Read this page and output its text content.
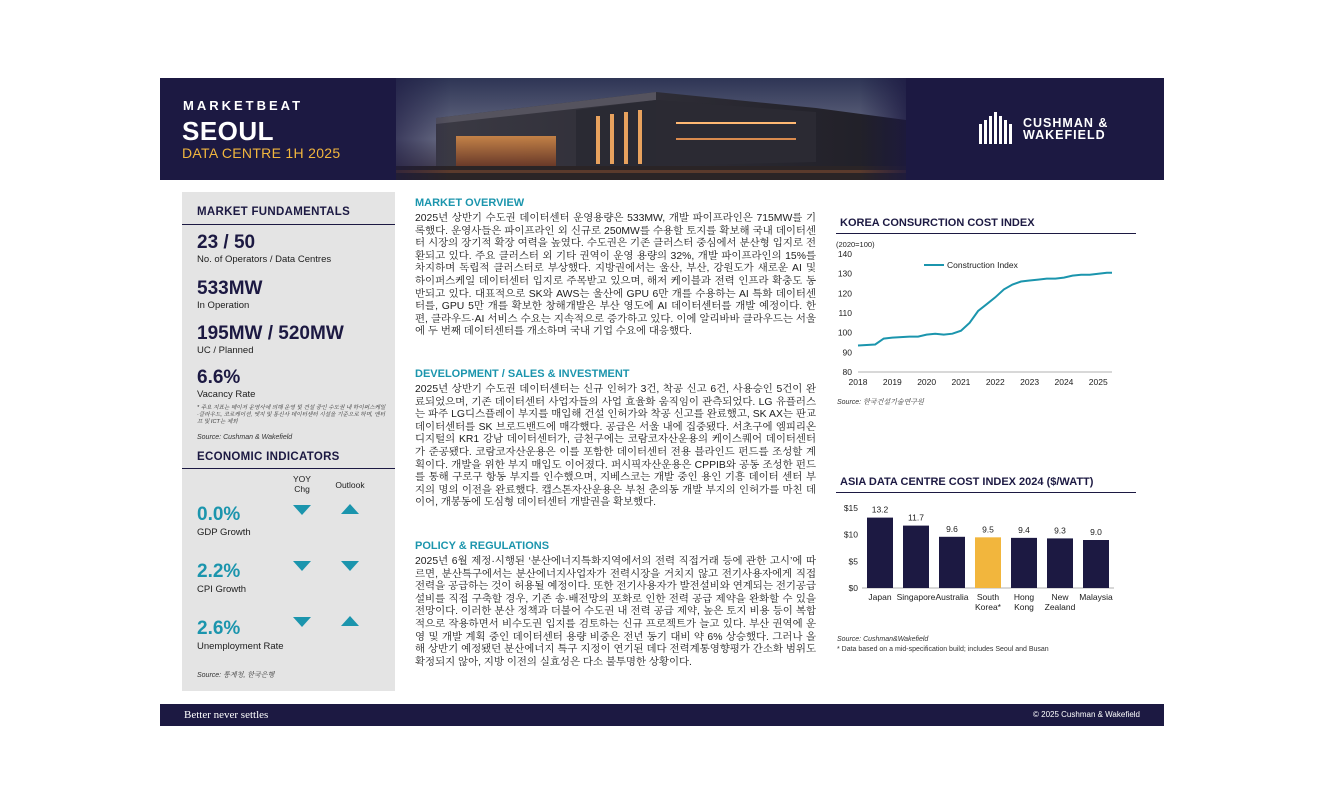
MARKETBEAT
SEOUL
DATA CENTRE 1H 2025
CUSHMAN &
WAKEFIELD
MARKET FUNDAMENTALS
23 / 50
No. of Operators / Data Centres
533MW
In Operation
195MW / 520MW
UC / Planned
6.6%
Vacancy Rate
* 주요 지표는 메이저 운영사에 의해 운영 및 건설 중인 수도권 내 하이퍼스케일·클라우드, 코로케이션, 엣지 및 통신사 데이터센터 시설을 기준으로 하며, 엔터프 및 ICT는 제외
Source: Cushman & Wakefield
ECONOMIC INDICATORS
YOY
Chg	Outlook
0.0%
GDP Growth
2.2%
CPI Growth
2.6%
Unemployment Rate
Source: 통계청, 한국은행
MARKET OVERVIEW
2025년 상반기 수도권 데이터센터 운영용량은 533MW, 개발 파이프라인은 715MW를 기록했다. 운영사들은 파이프라인 외 신규로 250MW를 수용할 토지를 확보해 국내 데이터센터 시장의 장기적 확장 여력을 높였다. 수도권은 기존 클러스터 중심에서 분산형 입지로 전환되고 있다. 주요 클러스터 외 기타 권역이 운영 용량의 32%, 개발 파이프라인의 15%를 차지하며 독립적 클러스터로 부상했다. 지방권에서는 울산, 부산, 강원도가 새로운 AI 및 하이퍼스케일 데이터센터 입지로 주목받고 있으며, 해저 케이블과 전력 인프라 확충도 동반되고 있다. 대표적으로 SK와 AWS는 울산에 GPU 6만 개를 수용하는 AI 특화 데이터센터를, GPU 5만 개를 확보한 창해개발은 부산 영도에 AI 데이터센터를 개발 예정이다. 한편, 클라우드·AI 서비스 수요는 지속적으로 증가하고 있다. 이에 알리바바 클라우드는 서울에 두 번째 데이터센터를 개소하며 국내 기업 수요에 대응했다.
DEVELOPMENT / SALES & INVESTMENT
2025년 상반기 수도권 데이터센터는 신규 인허가 3건, 착공 신고 6건, 사용승인 5건이 완료되었으며, 기존 데이터센터 사업자들의 사업 효율화 움직임이 관측되었다. LG 유플러스는 파주 LG디스플레이 부지를 매입해 건설 인허가와 착공 신고를 완료했고, SK AX는 판교 데이터센터를 SK 브로드밴드에 매각했다. 공급은 서울 내에 집중됐다. 서초구에 엠피리온 디지털의 KR1 강남 데이터센터가, 금천구에는 코람코자산운용의 케이스퀘어 데이터센터가 준공됐다. 코람코자산운용은 이를 포함한 데이터센터 전용 블라인드 펀드를 조성할 계획이다. 개발을 위한 부지 매입도 이어졌다. 퍼시픽자산운용은 CPPIB와 공동 조성한 펀드를 통해 구로구 항동 부지를 인수했으며, 지베스코는 개발 중인 용인 기흥 데이터 센터 부지의 명의 이전을 완료했다. 캡스톤자산운용은 부천 춘의동 개발 부지의 인허가를 마친 데 이어, 개봉동에 도심형 데이터센터 개발권을 확보했다.
POLICY & REGULATIONS
2025년 6월 제정·시행된 ‘분산에너지특화지역에서의 전력 직접거래 등에 관한 고시’에 따르면, 분산특구에서는 분산에너지사업자가 전력시장을 거치지 않고 전기사용자에게 직접 전력을 공급하는 것이 허용될 예정이다. 또한 전기사용자가 발전설비와 연계되는 전기공급설비를 직접 구축할 경우, 기존 송·배전망의 포화로 인한 전력 공급 제약을 완화할 수 있을 전망이다. 이러한 분산 정책과 더불어 수도권 내 전력 공급 제약, 높은 토지 비용 등이 복합적으로 작용하면서 비수도권 입지를 검토하는 신규 프로젝트가 늘고 있다. 부산 권역에 운영 및 개발 계획 중인 데이터센터 용량 비중은 전년 동기 대비 약 6% 상승했다. 그러나 올해 상반기 예정됐던 분산에너지 특구 지정이 연기된 데다 전력계통영향평가 간소화 범위도 확정되지 않아, 지방 이전의 실효성은 다소 불투명한 상황이다.
KOREA CONSURCTION COST INDEX
(2020=100)
80
90
100
110
120
130
140
2018 2019 2020 2021 2022 2023 2024 2025
Construction Index
Source: 한국건설기술연구원
ASIA DATA CENTRE COST INDEX 2024 ($/WATT)
$0
$5
$10
$15 13.2
Japan
11.7
Singapore
9.6
Australia
9.5
South
Korea*
9.4
Hong
Kong
9.3
New
Zealand
9.0
Malaysia
Source: Cushman&Wakefield
* Data based on a mid-specification build; includes Seoul and Busan
Better never settles	© 2025 Cushman & Wakefield
